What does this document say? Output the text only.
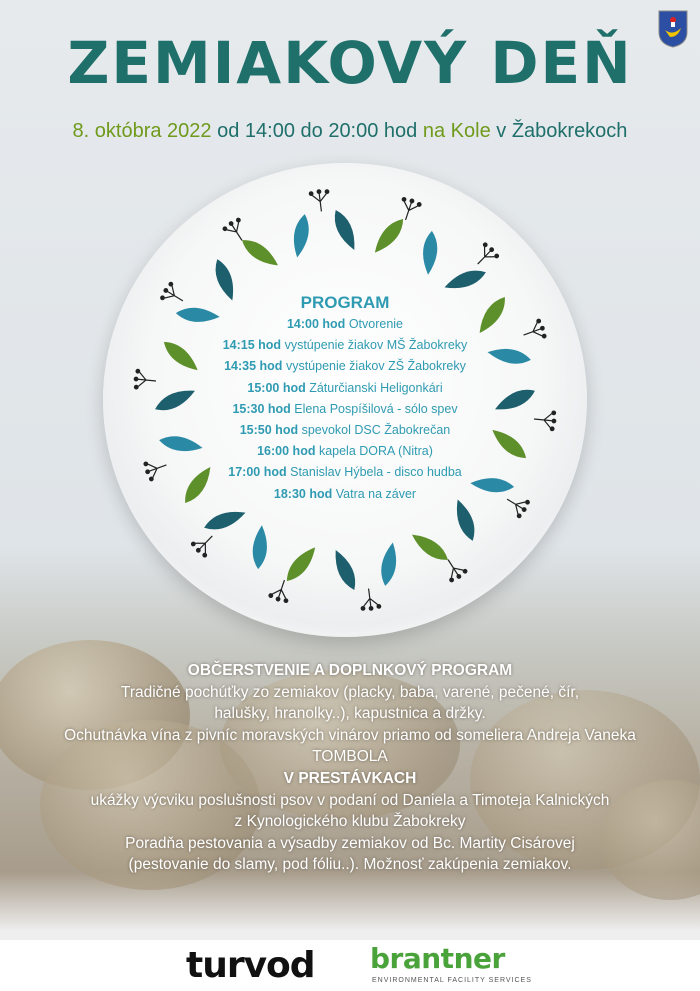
ZEMIAKOVÝ DEŇ
8. októbra 2022 od 14:00 do 20:00 hod na Kole v Žabokrekoch
PROGRAM
14:00 hod Otvorenie
14:15 hod vystúpenie žiakov MŠ Žabokreky
14:35 hod vystúpenie žiakov ZŠ Žabokreky
15:00 hod Záturčianski Heligonkári
15:30 hod Elena Pospíšilová - sólo spev
15:50 hod spevokol DSC Žabokrečan
16:00 hod kapela DORA (Nitra)
17:00 hod Stanislav Hýbela - disco hudba
18:30 hod Vatra na záver
OBČERSTVENIE A DOPLNKOVÝ PROGRAM
Tradičné pochúťky zo zemiakov (placky, baba, varené, pečené, čír,
halušky, hranolky..), kapustnica a držky.
Ochutnávka vína z pivníc moravských vinárov priamo od someliera Andreja Vaneka
TOMBOLA
V PRESTÁVKACH
ukážky výcviku poslušnosti psov v podaní od Daniela a Timoteja Kalnických
z Kynologického klubu Žabokreky
Poradňa pestovania a výsadby zemiakov od Bc. Martity Cisárovej
(pestovanie do slamy, pod fóliu..). Možnosť zakúpenia zemiakov.
turvod brantner
ENVIRONMENTAL FACILITY SERVICES
